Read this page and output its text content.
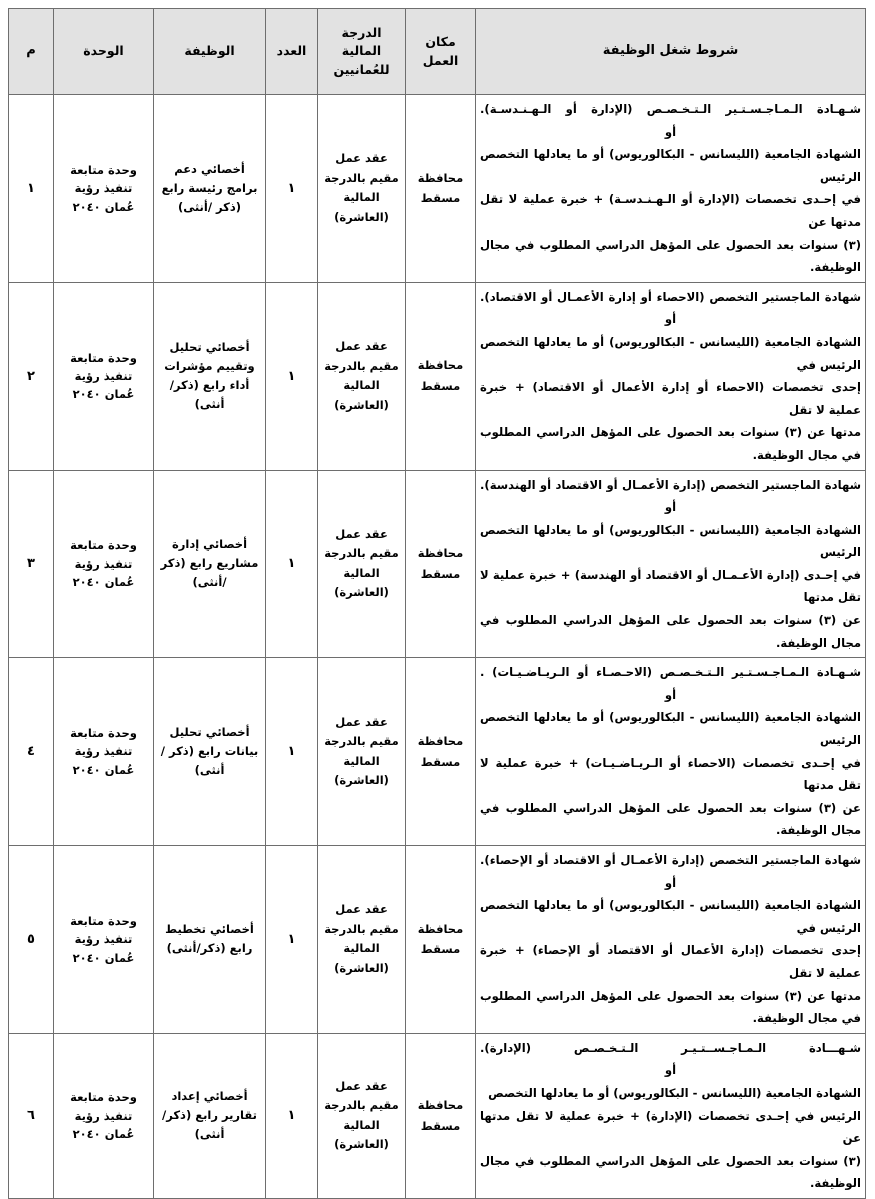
شروط شغل الوظيفة	مكان العمل	الدرجة المالية للعُمانيين	العدد	الوظيفة	الوحدة	م

شـهـادة الـمـاجـسـتـير الـتـخـصـص (الإدارة أو الـهـنـدسـة).
أو
الشهادة الجامعية (الليسانس - البكالوريوس) أو ما يعادلها التخصص الرئيس
في إحـدى تخصصات (الإدارة أو الـهـنـدسـة) + خبرة عملية لا تقل مدتها عن
(٣) سنوات بعد الحصول على المؤهل الدراسي المطلوب في مجال الوظيفة.	محافظة مسقط	عقد عمل مقيم بالدرجة المالية (العاشرة)	١	أخصائي دعم برامج رئيسة رابع (ذكر /أنثى)	وحدة متابعة تنفيذ رؤية عُمان ٢٠٤٠	١

شهادة الماجستير التخصص (الاحصاء أو إدارة الأعمـال أو الاقتصاد).
أو
الشهادة الجامعية (الليسانس - البكالوريوس) أو ما يعادلها التخصص الرئيس في
إحدى تخصصات (الاحصاء أو إدارة الأعمال أو الاقتصاد) + خبرة عملية لا تقل
مدتها عن (٣) سنوات بعد الحصول على المؤهل الدراسي المطلوب في مجال الوظيفة.	محافظة مسقط	عقد عمل مقيم بالدرجة المالية (العاشرة)	١	أخصائي تحليل وتقييم مؤشرات أداء رابع (ذكر/أنثى)	وحدة متابعة تنفيذ رؤية عُمان ٢٠٤٠	٢

شهادة الماجستير التخصص (إدارة الأعمـال أو الاقتصاد أو الهندسة).
أو
الشهادة الجامعية (الليسانس - البكالوريوس) أو ما يعادلها التخصص الرئيس
في إحـدى (إدارة الأعـمـال أو الاقتصاد أو الهندسة) + خبرة عملية لا تقل مدتها
عن (٣) سنوات بعد الحصول على المؤهل الدراسي المطلوب في مجال الوظيفة.	محافظة مسقط	عقد عمل مقيم بالدرجة المالية (العاشرة)	١	أخصائي إدارة مشاريع رابع (ذكر /أنثى)	وحدة متابعة تنفيذ رؤية عُمان ٢٠٤٠	٣

شـهـادة الـمـاجـسـتـير الـتـخـصـص (الاحـصـاء أو الـريـاضـيـات) .
أو
الشهادة الجامعية (الليسانس - البكالوريوس) أو ما يعادلها التخصص الرئيس
في إحـدى تخصصات (الاحصاء أو الـريـاضـيـات) + خبرة عملية لا تقل مدتها
عن (٣) سنوات بعد الحصول على المؤهل الدراسي المطلوب في مجال الوظيفة.	محافظة مسقط	عقد عمل مقيم بالدرجة المالية (العاشرة)	١	أخصائي تحليل بيانات رابع (ذكر /أنثى)	وحدة متابعة تنفيذ رؤية عُمان ٢٠٤٠	٤

شهادة الماجستير التخصص (إدارة الأعمـال أو الاقتصاد أو الإحصاء).
أو
الشهادة الجامعية (الليسانس - البكالوريوس) أو ما يعادلها التخصص الرئيس في
إحدى تخصصات (إدارة الأعمال أو الاقتصاد أو الإحصاء) + خبرة عملية لا تقل
مدتها عن (٣) سنوات بعد الحصول على المؤهل الدراسي المطلوب في مجال الوظيفة.	محافظة مسقط	عقد عمل مقيم بالدرجة المالية (العاشرة)	١	أخصائي تخطيط رابع (ذكر/أنثى)	وحدة متابعة تنفيذ رؤية عُمان ٢٠٤٠	٥

شـهـــادة الـمـاجـســتـيـر الـتـخـصـص (الإدارة).
أو
الشهادة الجامعية (الليسانس - البكالوريوس) أو ما يعادلها التخصص
الرئيس في إحـدى تخصصات (الإدارة) + خبرة عملية لا تقل مدتها عن
(٣) سنوات بعد الحصول على المؤهل الدراسي المطلوب في مجال الوظيفة.	محافظة مسقط	عقد عمل مقيم بالدرجة المالية (العاشرة)	١	أخصائي إعداد تقارير رابع (ذكر/أنثى)	وحدة متابعة تنفيذ رؤية عُمان ٢٠٤٠	٦
